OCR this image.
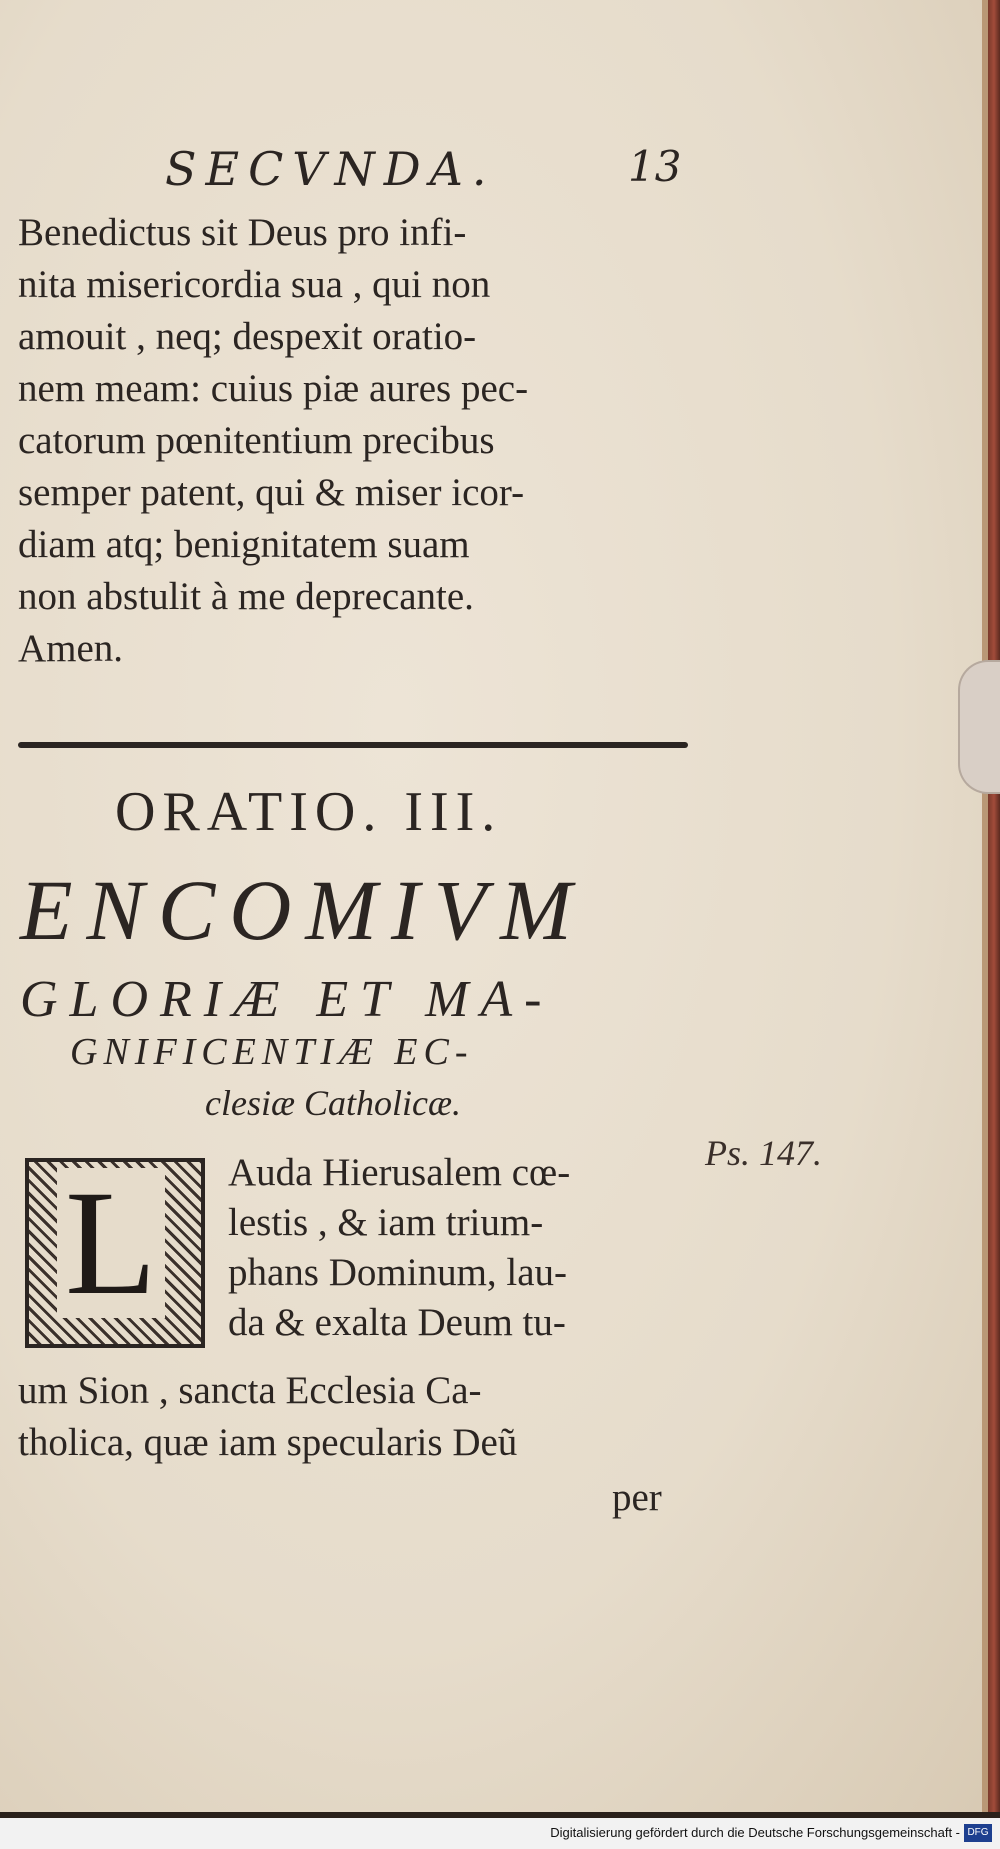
SECVNDA.	13
Benedictus sit Deus pro infi-
nita misericordia sua , qui non
amouit , neq; despexit oratio-
nem meam: cuius piæ aures pec-
catorum pœnitentium precibus
semper patent, qui & miser icor-
diam atq; benignitatem suam
non abstulit à me deprecante.
Amen.
ORATIO. III.
ENCOMIVM
GLORIÆ ET MA-
GNIFICENTIÆ EC-
clesiæ Catholicæ.
Ps. 147.
L Auda Hierusalem cœ-
lestis , & iam trium-
phans Dominum, lau-
da & exalta Deum tu-
um Sion , sancta Ecclesia Ca-
tholica, quæ iam specularis Deũ
per
Digitalisierung gefördert durch die Deutsche Forschungsgemeinschaft - DFG
